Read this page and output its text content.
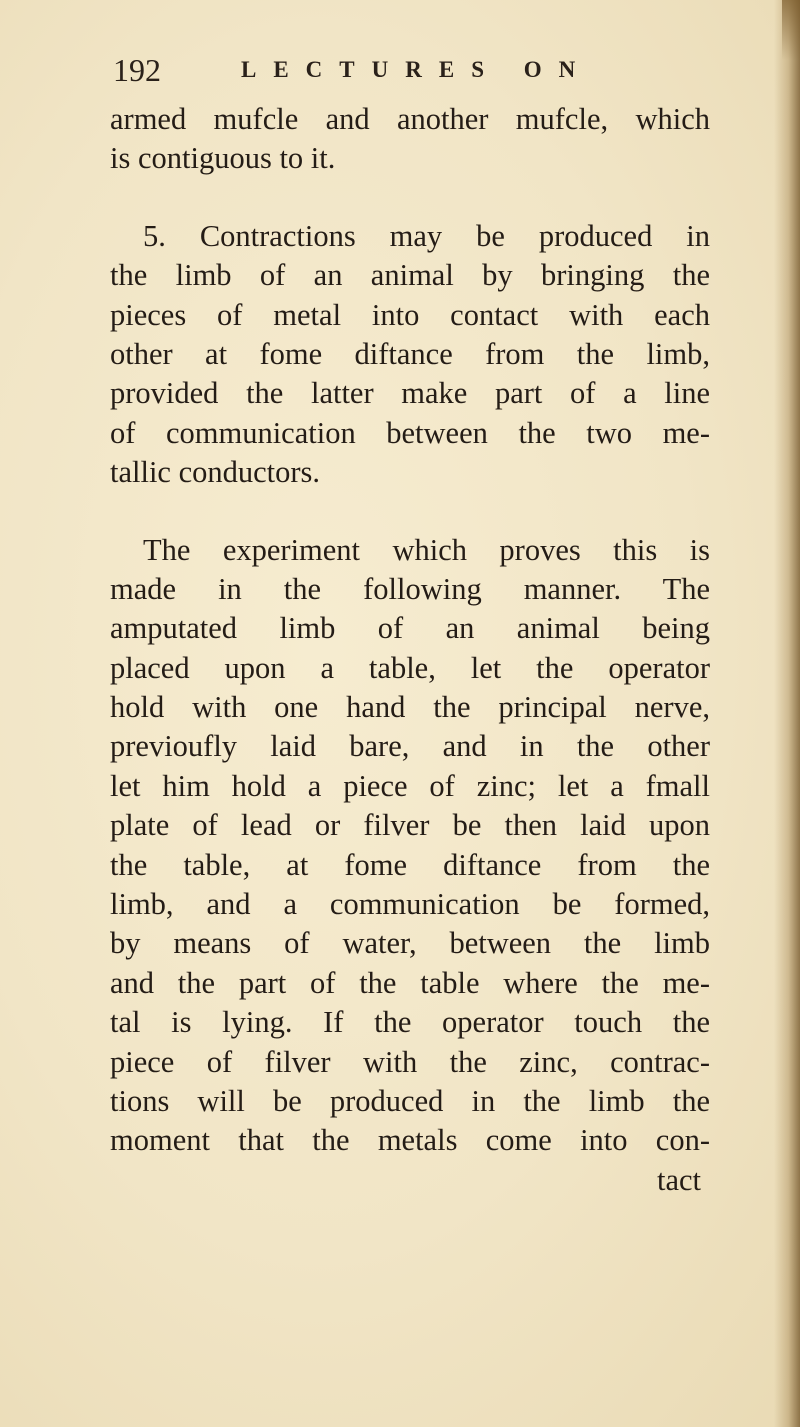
192	LECTURES ON
armed mufcle and another mufcle, which
is contiguous to it.
5. Contractions may be produced in
the limb of an animal by bringing the
pieces of metal into contact with each
other at fome diftance from the limb,
provided the latter make part of a line
of communication between the two me-
tallic conductors.
The experiment which proves this is
made in the following manner. The
amputated limb of an animal being
placed upon a table, let the operator
hold with one hand the principal nerve,
previoufly laid bare, and in the other
let him hold a piece of zinc; let a fmall
plate of lead or filver be then laid upon
the table, at fome diftance from the
limb, and a communication be formed,
by means of water, between the limb
and the part of the table where the me-
tal is lying. If the operator touch the
piece of filver with the zinc, contrac-
tions will be produced in the limb the
moment that the metals come into con-
tact
